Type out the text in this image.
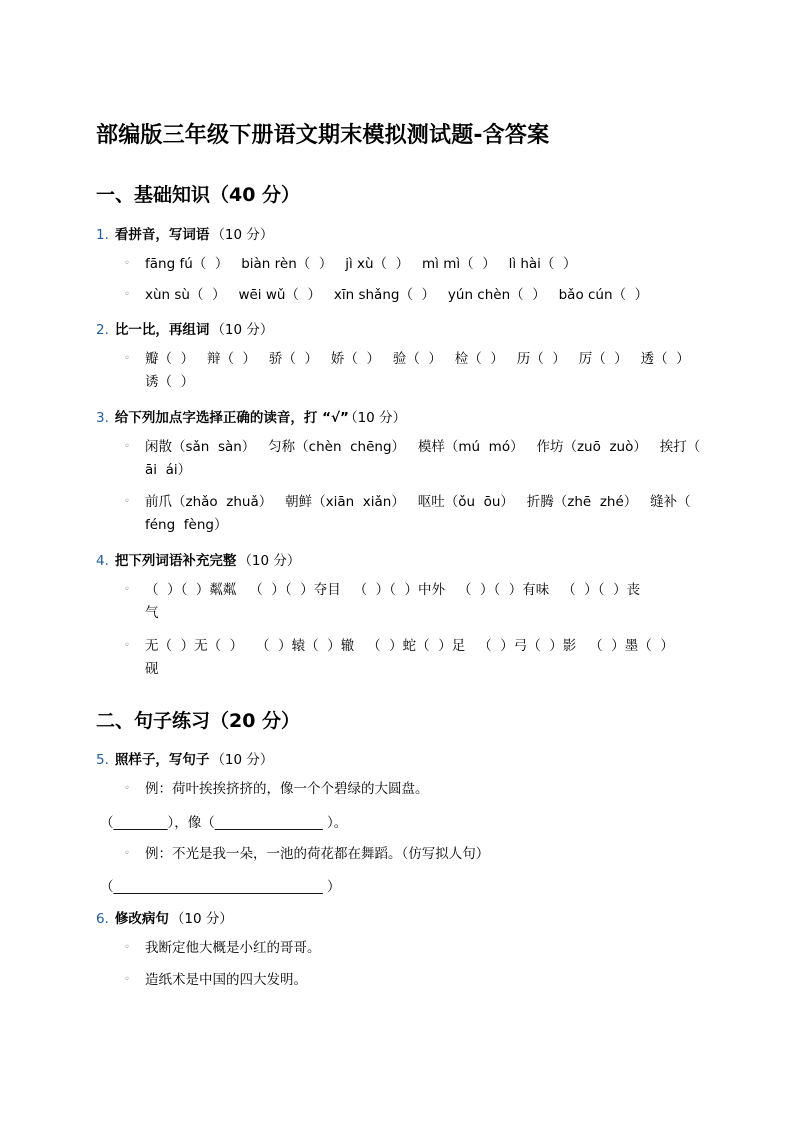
部编版三年级下册语文期末模拟测试题-含答案
一、基础知识（40 分）
1. 看拼音，写词语 （10 分）
◦ fāng fú（  ）   biàn rèn（  ）   jì xù（  ）   mì mì（  ）   lì hài（  ）
◦ xùn sù（  ）   wēi wǔ（  ）   xīn shǎng（  ）   yún chèn（  ）   bǎo cún（  ）
2. 比一比，再组词 （10 分）
◦ 瓣（  ）   辩（  ）   骄（  ）   娇（  ）   验（  ）   检（  ）   历（  ）   厉（  ）   透（  ）
诱（  ）
3. 给下列加点字选择正确的读音，打 “√” （10 分）
◦ 闲散（sǎn  sàn）   匀称（chèn  chēng）   模样（mú  mó）   作坊（zuō  zuò）   挨打（
āi  ái）
◦ 前爪（zhǎo  zhuǎ）   朝鲜（xiān  xiǎn）   呕吐（ǒu  ōu）   折腾（zhē  zhé）   缝补（
féng  fèng）
4. 把下列词语补充完整 （10 分）
◦ （  ）（  ）粼粼   （  ）（  ）夺目   （  ）（  ）中外   （  ）（  ）有味   （  ）（  ）丧
气
◦ 无（  ）无（  ）   （  ）辕（  ）辙   （  ）蛇（  ）足   （  ）弓（  ）影   （  ）墨（  ）
砚
二、句子练习（20 分）
5. 照样子，写句子 （10 分）
◦ 例：荷叶挨挨挤挤的，像一个个碧绿的大圆盘。
（________），像（________________ ）。
◦ 例：不光是我一朵，一池的荷花都在舞蹈。（仿写拟人句）
（_______________________________ ）
6. 修改病句 （10 分）
◦ 我断定他大概是小红的哥哥。
◦ 造纸术是中国的四大发明。
